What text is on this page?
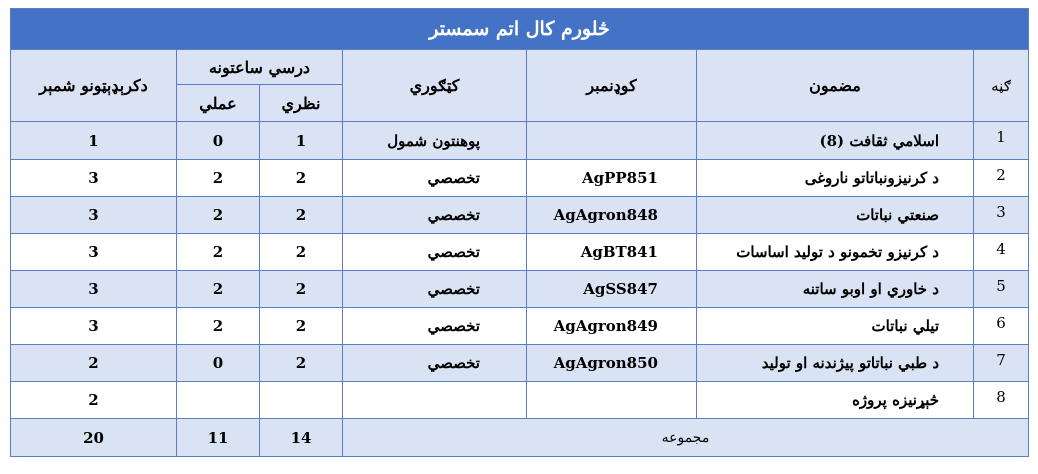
څلورم کال اتم سمستر						
ګڼه	مضمون	کوډنمبر	کټګوري	درسي ساعتونه		دکرېډېټونو شمېر
				نظري	عملي	
1	اسلامي ثقافت (8)		پوهنتون شمول	1	0	1
2	د کرنيزونباتاتو ناروغی	AgPP851	تخصصي	2	2	3
3	صنعتي نباتات	AgAgron848	تخصصي	2	2	3
4	د کرنيزو تخمونو د توليد اساسات	AgBT841	تخصصي	2	2	3
5	د خاوري او اوبو ساتنه	AgSS847	تخصصي	2	2	3
6	تيلي نباتات	AgAgron849	تخصصي	2	2	3
7	د طبي نباتاتو پيژندنه او توليد	AgAgron850	تخصصي	2	0	2
8	څېړنيزه پروژه					2
مجموعه				14	11	20
